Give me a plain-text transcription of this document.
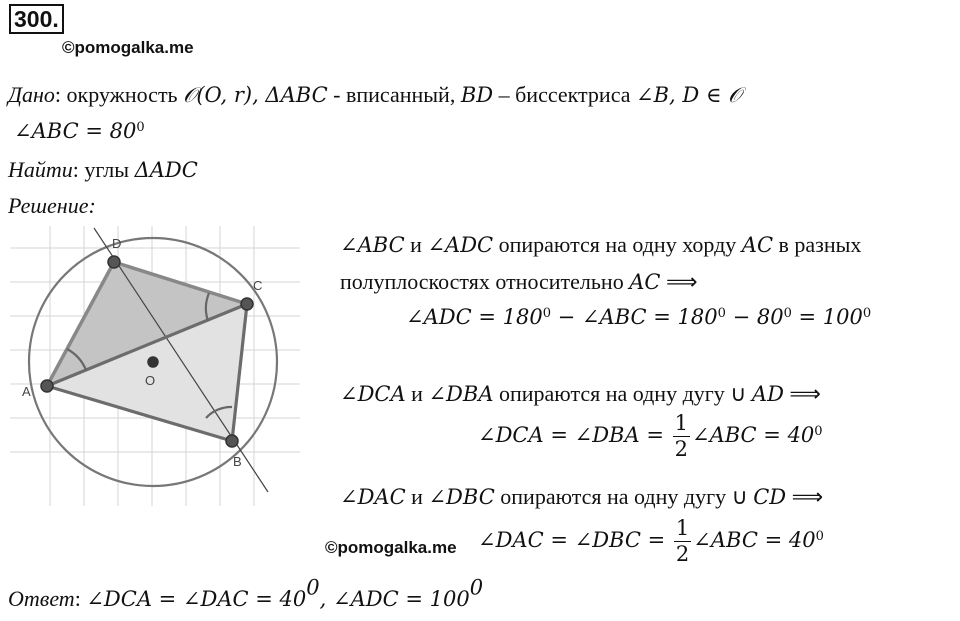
300.
©pomogalka.me
Дано: окружность 𝒪(O, r), ΔABC - вписанный, BD – биссектриса ∠B, D ∈ 𝒪
∠ABC = $80^0$
Найти: углы ΔADC
Решение:
D
C
A
B
O
∠ABC и ∠ADC опираются на одну хорду AC в разных
полуплоскостях относительно AC ⟹
∠ADC = $180^0$ − ∠ABC = $180^0 - 80^0 = 100^0$
∠DCA и ∠DBA опираются на одну дугу ∪ AD ⟹
∠DCA = ∠DBA = $\frac{1}{2}$ ∠ABC = $40^0$
∠DAC и ∠DBC опираются на одну дугу ∪ CD ⟹
©pomogalka.me ∠DAC = ∠DBC = $\frac{1}{2}$ ∠ABC = $40^0$
Ответ: ∠DCA = ∠DAC = $40^0$, ∠ADC = $100^0$
